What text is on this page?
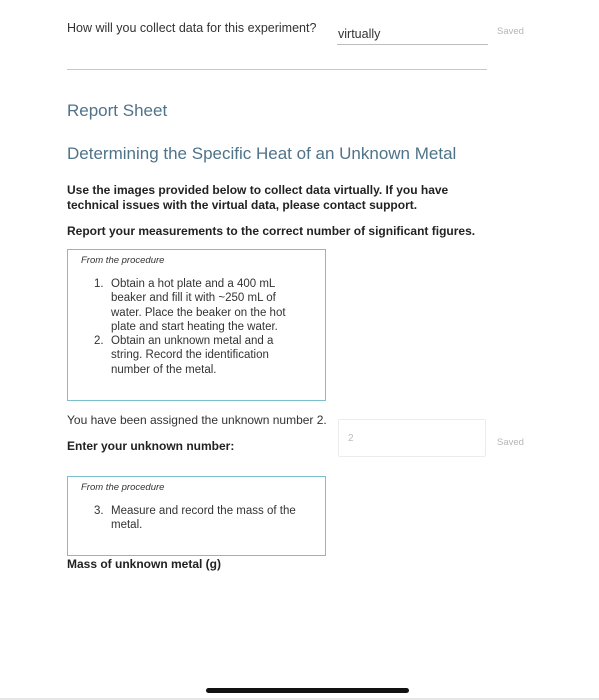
How will you collect data for this experiment?
virtually	Saved
Report Sheet
Determining the Specific Heat of an Unknown Metal
Use the images provided below to collect data virtually. If you have technical issues with the virtual data, please contact support.
Report your measurements to the correct number of significant figures.
From the procedure
1. Obtain a hot plate and a 400 mL beaker and fill it with ~250 mL of water. Place the beaker on the hot plate and start heating the water.
2. Obtain an unknown metal and a string. Record the identification number of the metal.
You have been assigned the unknown number 2.
Enter your unknown number:
2	Saved
From the procedure
3. Measure and record the mass of the metal.
Mass of unknown metal (g)
